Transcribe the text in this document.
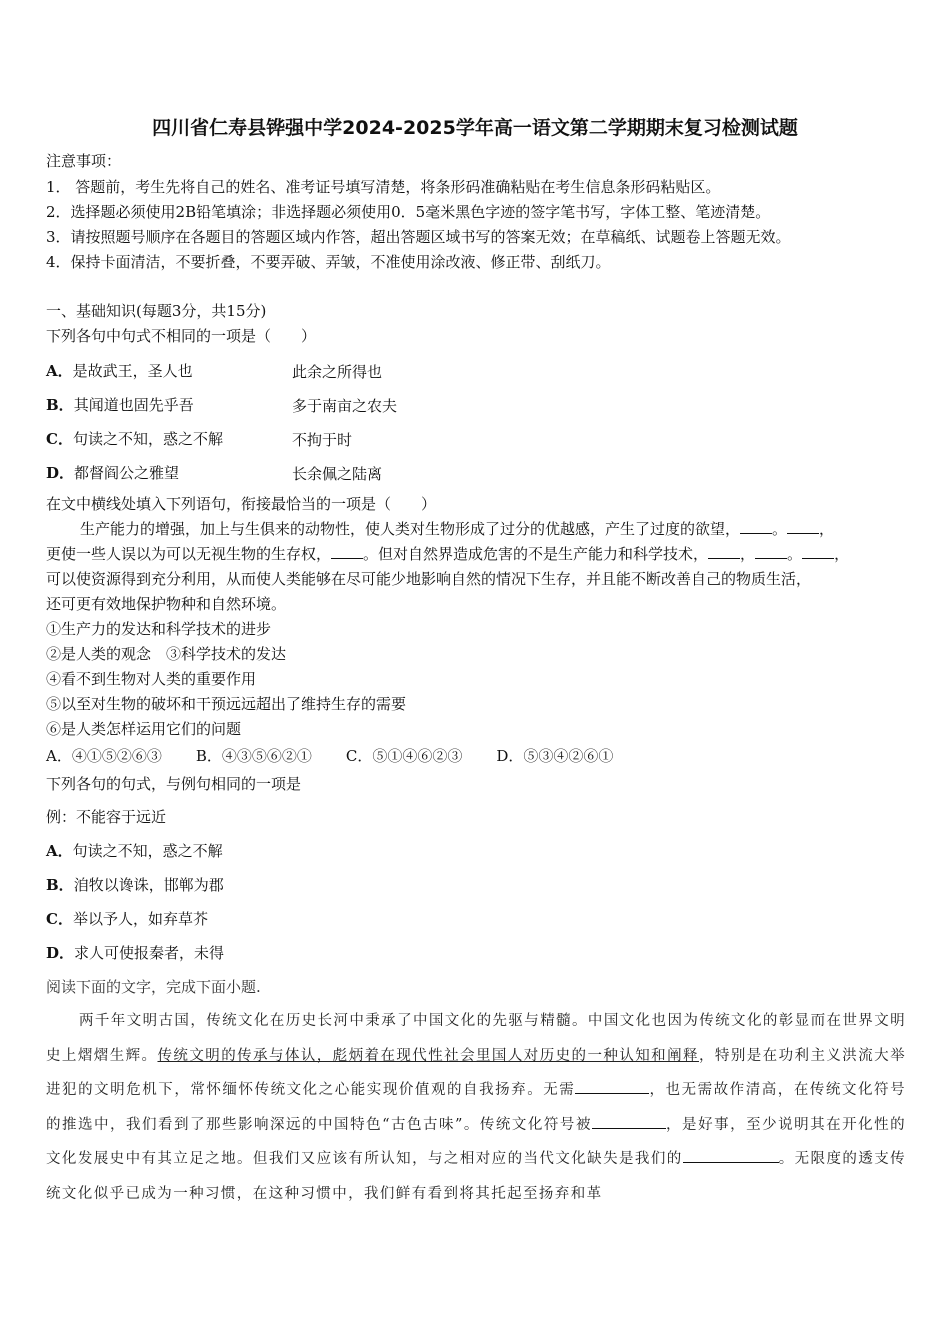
四川省仁寿县铧强中学2024-2025学年高一语文第二学期期末复习检测试题
注意事项：
1． 答题前，考生先将自己的姓名、准考证号填写清楚，将条形码准确粘贴在考生信息条形码粘贴区。
2．选择题必须使用2B铅笔填涂；非选择题必须使用0．5毫米黑色字迹的签字笔书写，字体工整、笔迹清楚。
3．请按照题号顺序在各题目的答题区域内作答，超出答题区域书写的答案无效；在草稿纸、试题卷上答题无效。
4．保持卡面清洁，不要折叠，不要弄破、弄皱，不准使用涂改液、修正带、刮纸刀。
一、基础知识(每题3分，共15分)
下列各句中句式不相同的一项是（　　）
A．是故武王，圣人也	此余之所得也
B．其闻道也固先乎吾	多于南亩之农夫
C．句读之不知，惑之不解	不拘于时
D．都督阎公之雅望	长余佩之陆离
在文中横线处填入下列语句，衔接最恰当的一项是（　　）
生产能力的增强，加上与生俱来的动物性，使人类对生物形成了过分的优越感，产生了过度的欲望， 。 ，
更使一些人误以为可以无视生物的生存权， 。但对自然界造成危害的不是生产能力和科学技术， ， 。 ，
可以使资源得到充分利用，从而使人类能够在尽可能少地影响自然的情况下生存，并且能不断改善自己的物质生活，
还可更有效地保护物种和自然环境。
①生产力的发达和科学技术的进步
②是人类的观念　③科学技术的发达
④看不到生物对人类的重要作用
⑤以至对生物的破坏和干预远远超出了维持生存的需要
⑥是人类怎样运用它们的问题
A．④①⑤②⑥③ B．④③⑤⑥②① C．⑤①④⑥②③ D．⑤③④②⑥①
下列各句的句式，与例句相同的一项是
例：不能容于远近
A．句读之不知，惑之不解
B．洎牧以谗诛，邯郸为郡
C．举以予人，如弃草芥
D．求人可使报秦者，未得
阅读下面的文字，完成下面小题.

两千年文明古国，传统文化在历史长河中秉承了中国文化的先驱与精髓。中国文化也因为传统文化的彰显而在世界文明史上熠熠生辉。传统文明的传承与体认，彪炳着在现代性社会里国人对历史的一种认知和阐释，特别是在功利主义洪流大举进犯的文明危机下，常怀缅怀传统文化之心能实现价值观的自我扬弃。无需	，也无需故作清高，在传统文化符号的推选中，我们看到了那些影响深远的中国特色“古色古味”。传统文化符号被	，是好事，至少说明其在开化性的文化发展史中有其立足之地。但我们又应该有所认知，与之相对应的当代文化缺失是我们的	。无限度的透支传统文化似乎已成为一种习惯，在这种习惯中，我们鲜有看到将其托起至扬弃和革
